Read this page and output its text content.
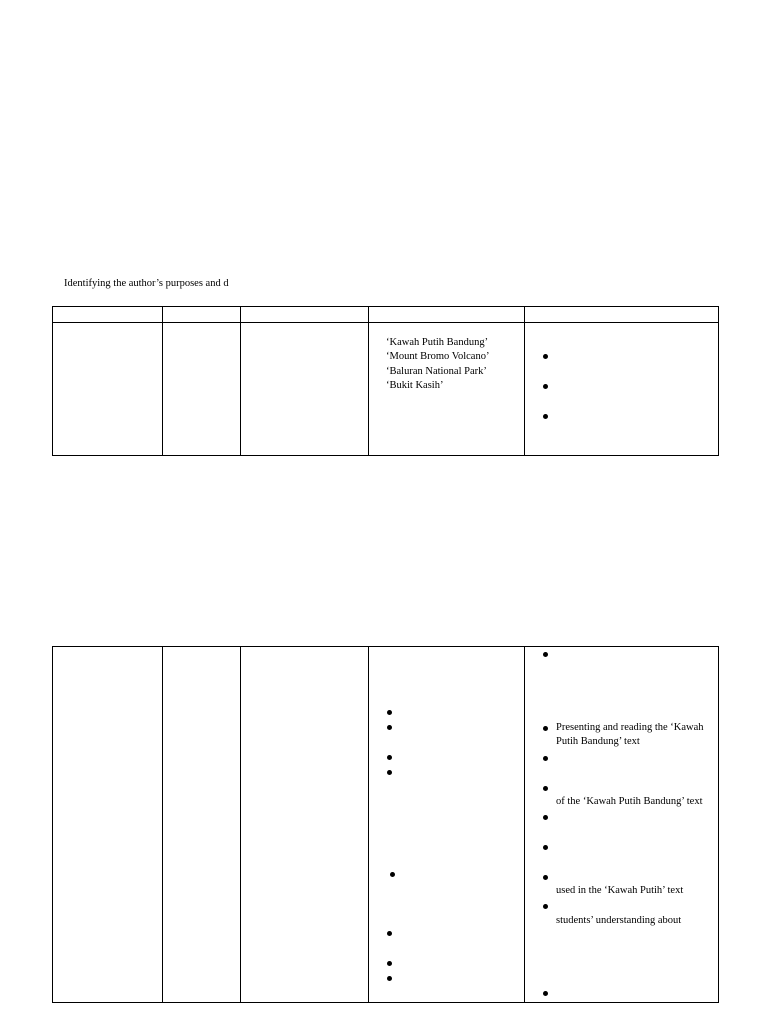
Identifying the author’s purposes and d
‘Kawah Putih Bandung’
‘Mount Bromo Volcano’
‘Baluran National Park’
‘Bukit Kasih’
Presenting and reading the ‘Kawah
Putih Bandung’ text
of the ‘Kawah Putih Bandung’ text
used in the ‘Kawah Putih’ text
students’ understanding about
